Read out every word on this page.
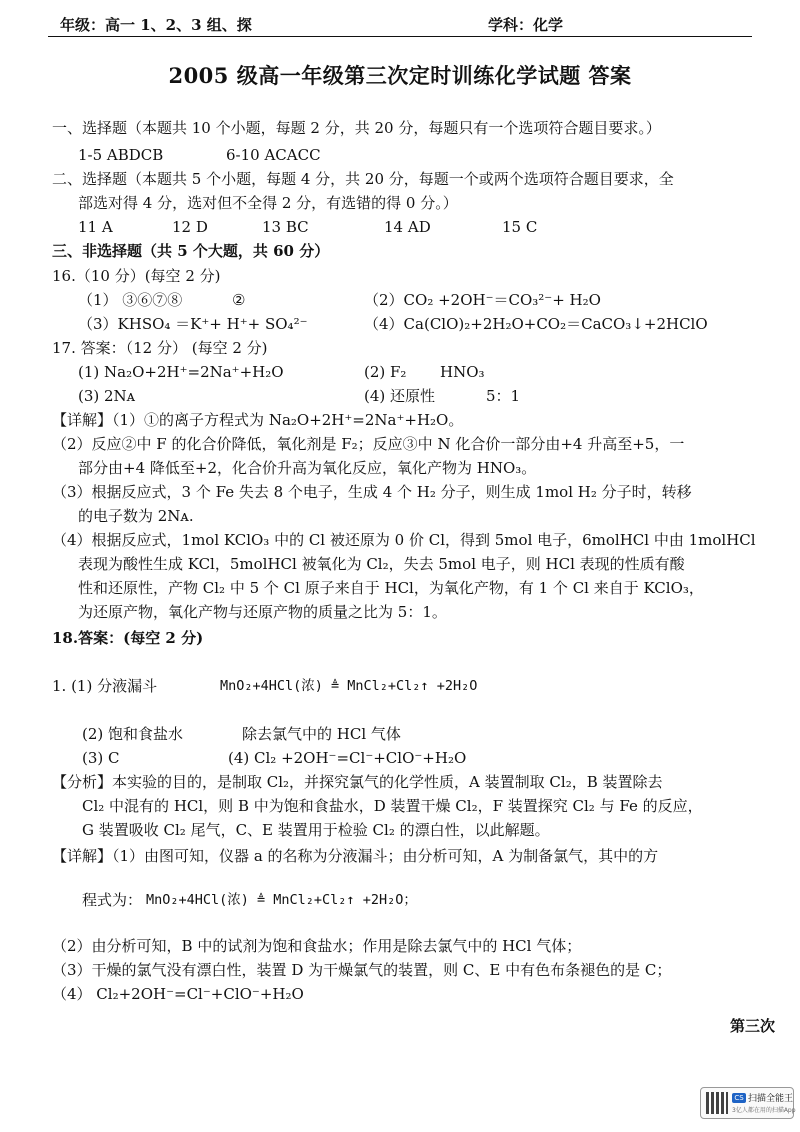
年级：高一 1、2、3 组、探	学科：化学
2005 级高一年级第三次定时训练化学试题 答案
一、选择题（本题共 10 个小题，每题 2 分，共 20 分，每题只有一个选项符合题目要求。）
1-5 ABDCB	6-10 ACACC
二、选择题（本题共 5 个小题，每题 4 分，共 20 分，每题一个或两个选项符合题目要求，全
部选对得 4 分，选对但不全得 2 分，有选错的得 0 分。）
11 A	12 D	13 BC	14 AD	15 C
三、非选择题（共 5 个大题，共 60 分）
16.（10 分）(每空 2 分)
（1） ③⑥⑦⑧	②	（2）CO₂ +2OH⁻＝CO₃²⁻+ H₂O
（3）KHSO₄ ＝K⁺+ H⁺+ SO₄²⁻	（4）Ca(ClO)₂+2H₂O+CO₂＝CaCO₃↓+2HClO
17. 答案：（12 分） (每空 2 分)
(1) Na₂O+2H⁺=2Na⁺+H₂O	(2) F₂ HNO₃
(3) 2Nᴀ	(4) 还原性	5：1
【详解】（1）①的离子方程式为 Na₂O+2H⁺=2Na⁺+H₂O。
（2）反应②中 F 的化合价降低，氧化剂是 F₂；反应③中 N 化合价一部分由+4 升高至+5，一
部分由+4 降低至+2，化合价升高为氧化反应，氧化产物为 HNO₃。
（3）根据反应式，3 个 Fe 失去 8 个电子，生成 4 个 H₂ 分子，则生成 1mol H₂ 分子时，转移
的电子数为 2Nᴀ.
（4）根据反应式，1mol KClO₃ 中的 Cl 被还原为 0 价 Cl，得到 5mol 电子，6molHCl 中由 1molHCl
表现为酸性生成 KCl，5molHCl 被氧化为 Cl₂，失去 5mol 电子，则 HCl 表现的性质有酸
性和还原性，产物 Cl₂ 中 5 个 Cl 原子来自于 HCl，为氧化产物，有 1 个 Cl 来自于 KClO₃，
为还原产物，氧化产物与还原产物的质量之比为 5：1。
18.答案：(每空 2 分)
1. (1) 分液漏斗	MnO₂+4HCl(浓) ≜ MnCl₂+Cl₂↑ +2H₂O
(2) 饱和食盐水	除去氯气中的 HCl 气体
(3) C	(4) Cl₂ +2OH⁻=Cl⁻+ClO⁻+H₂O
【分析】本实验的目的，是制取 Cl₂，并探究氯气的化学性质，A 装置制取 Cl₂，B 装置除去
Cl₂ 中混有的 HCl，则 B 中为饱和食盐水，D 装置干燥 Cl₂，F 装置探究 Cl₂ 与 Fe 的反应，
G 装置吸收 Cl₂ 尾气，C、E 装置用于检验 Cl₂ 的漂白性，以此解题。
【详解】（1）由图可知，仪器 a 的名称为分液漏斗；由分析可知，A 为制备氯气，其中的方
程式为： MnO₂+4HCl(浓) ≜ MnCl₂+Cl₂↑ +2H₂O；
（2）由分析可知，B 中的试剂为饱和食盐水；作用是除去氯气中的 HCl 气体；
（3）干燥的氯气没有漂白性，装置 D 为干燥氯气的装置，则 C、E 中有色布条褪色的是 C；
（4） Cl₂+2OH⁻=Cl⁻+ClO⁻+H₂O
第三次
CS 扫描全能王
3亿人都在用的扫描App
